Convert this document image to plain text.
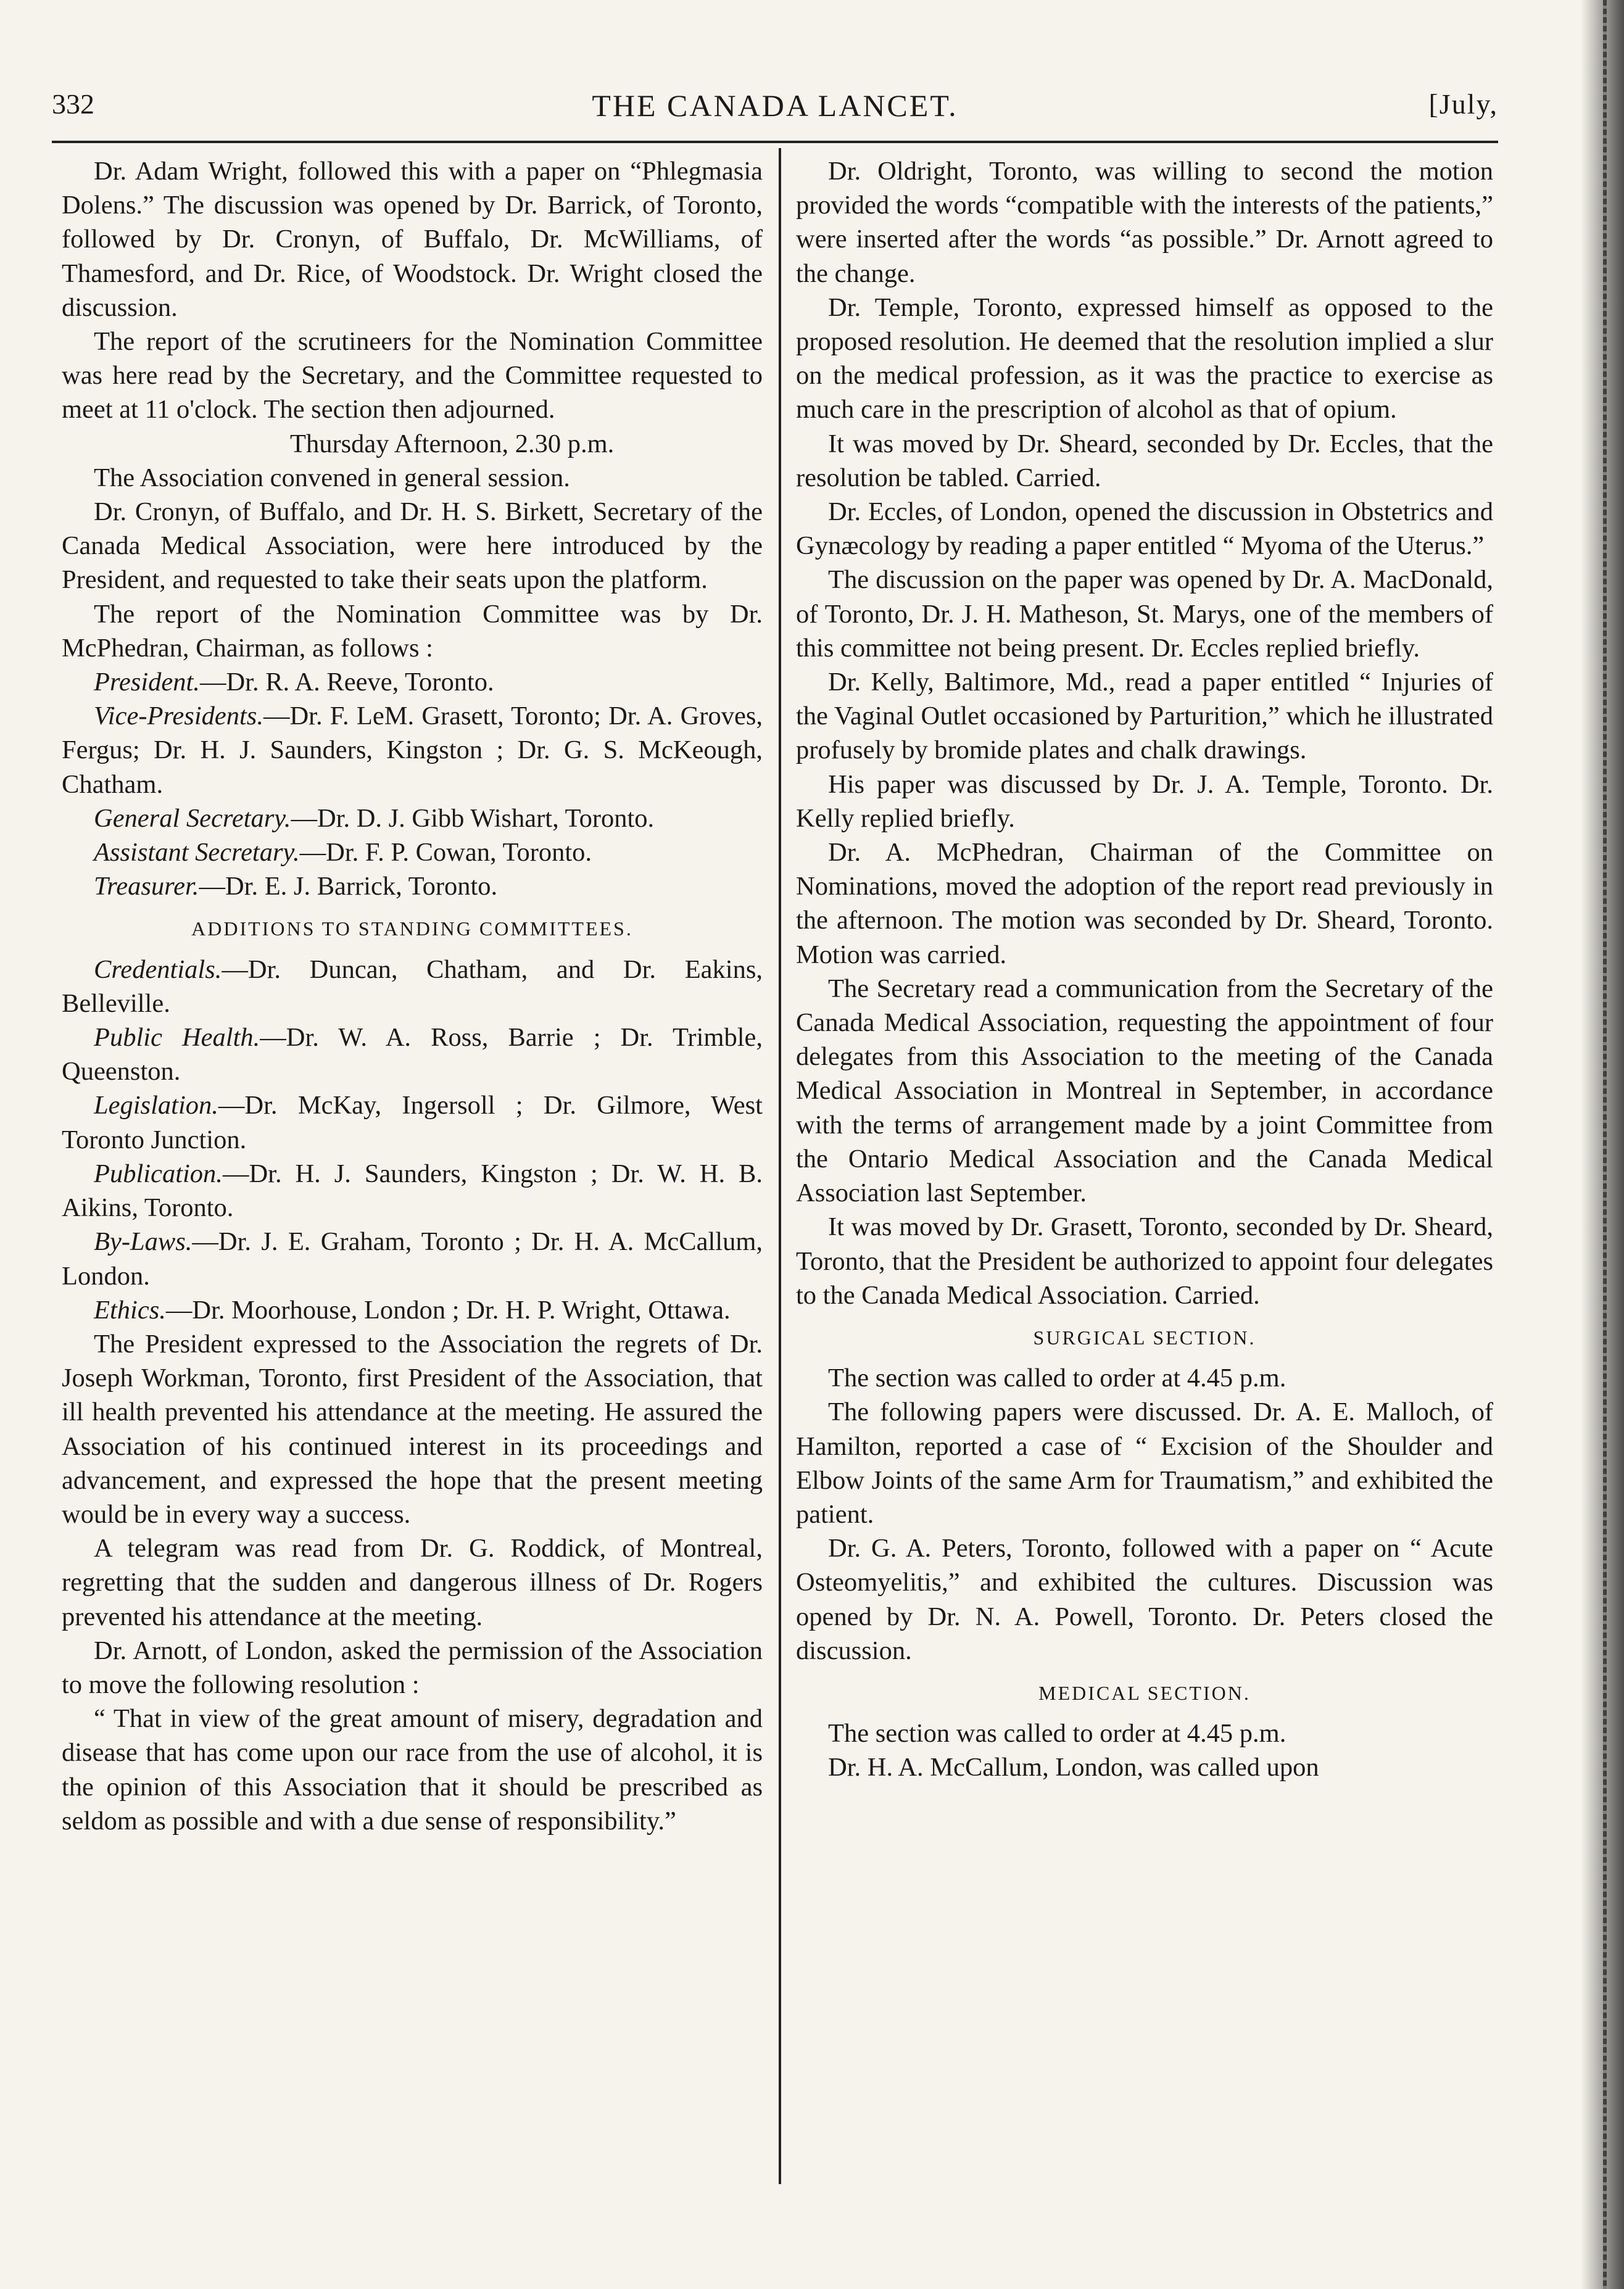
332	THE CANADA LANCET.	[July,

Dr. Adam Wright, followed this with a paper on “Phlegmasia Dolens.” The discussion was opened by Dr. Barrick, of Toronto, followed by Dr. Cronyn, of Buffalo, Dr. McWilliams, of Thamesford, and Dr. Rice, of Woodstock. Dr. Wright closed the discussion.

The report of the scrutineers for the Nomination Committee was here read by the Secretary, and the Committee requested to meet at 11 o'clock. The section then adjourned.

Thursday Afternoon, 2.30 p.m.

The Association convened in general session.

Dr. Cronyn, of Buffalo, and Dr. H. S. Birkett, Secretary of the Canada Medical Association, were here introduced by the President, and requested to take their seats upon the platform.

The report of the Nomination Committee was by Dr. McPhedran, Chairman, as follows :

President.—Dr. R. A. Reeve, Toronto.

Vice-Presidents.—Dr. F. LeM. Grasett, Toronto; Dr. A. Groves, Fergus; Dr. H. J. Saunders, Kingston ; Dr. G. S. McKeough, Chatham.

General Secretary.—Dr. D. J. Gibb Wishart, Toronto.

Assistant Secretary.—Dr. F. P. Cowan, Toronto.

Treasurer.—Dr. E. J. Barrick, Toronto.

ADDITIONS TO STANDING COMMITTEES.

Credentials.—Dr. Duncan, Chatham, and Dr. Eakins, Belleville.

Public Health.—Dr. W. A. Ross, Barrie ; Dr. Trimble, Queenston.

Legislation.—Dr. McKay, Ingersoll ; Dr. Gilmore, West Toronto Junction.

Publication.—Dr. H. J. Saunders, Kingston ; Dr. W. H. B. Aikins, Toronto.

By-Laws.—Dr. J. E. Graham, Toronto ; Dr. H. A. McCallum, London.

Ethics.—Dr. Moorhouse, London ; Dr. H. P. Wright, Ottawa.

The President expressed to the Association the regrets of Dr. Joseph Workman, Toronto, first President of the Association, that ill health prevented his attendance at the meeting. He assured the Association of his continued interest in its proceedings and advancement, and expressed the hope that the present meeting would be in every way a success.

A telegram was read from Dr. G. Roddick, of Montreal, regretting that the sudden and dangerous illness of Dr. Rogers prevented his attendance at the meeting.

Dr. Arnott, of London, asked the permission of the Association to move the following resolution :

“ That in view of the great amount of misery, degradation and disease that has come upon our race from the use of alcohol, it is the opinion of this Association that it should be prescribed as seldom as possible and with a due sense of responsibility.”

Dr. Oldright, Toronto, was willing to second the motion provided the words “compatible with the interests of the patients,” were inserted after the words “as possible.” Dr. Arnott agreed to the change.

Dr. Temple, Toronto, expressed himself as opposed to the proposed resolution. He deemed that the resolution implied a slur on the medical profession, as it was the practice to exercise as much care in the prescription of alcohol as that of opium.

It was moved by Dr. Sheard, seconded by Dr. Eccles, that the resolution be tabled. Carried.

Dr. Eccles, of London, opened the discussion in Obstetrics and Gynæcology by reading a paper entitled “ Myoma of the Uterus.”

The discussion on the paper was opened by Dr. A. MacDonald, of Toronto, Dr. J. H. Matheson, St. Marys, one of the members of this committee not being present. Dr. Eccles replied briefly.

Dr. Kelly, Baltimore, Md., read a paper entitled “ Injuries of the Vaginal Outlet occasioned by Parturition,” which he illustrated profusely by bromide plates and chalk drawings.

His paper was discussed by Dr. J. A. Temple, Toronto. Dr. Kelly replied briefly.

Dr. A. McPhedran, Chairman of the Committee on Nominations, moved the adoption of the report read previously in the afternoon. The motion was seconded by Dr. Sheard, Toronto. Motion was carried.

The Secretary read a communication from the Secretary of the Canada Medical Association, requesting the appointment of four delegates from this Association to the meeting of the Canada Medical Association in Montreal in September, in accordance with the terms of arrangement made by a joint Committee from the Ontario Medical Association and the Canada Medical Association last September.

It was moved by Dr. Grasett, Toronto, seconded by Dr. Sheard, Toronto, that the President be authorized to appoint four delegates to the Canada Medical Association. Carried.

SURGICAL SECTION.

The section was called to order at 4.45 p.m.

The following papers were discussed. Dr. A. E. Malloch, of Hamilton, reported a case of “ Excision of the Shoulder and Elbow Joints of the same Arm for Traumatism,” and exhibited the patient.

Dr. G. A. Peters, Toronto, followed with a paper on “ Acute Osteomyelitis,” and exhibited the cultures. Discussion was opened by Dr. N. A. Powell, Toronto. Dr. Peters closed the discussion.

MEDICAL SECTION.

The section was called to order at 4.45 p.m.

Dr. H. A. McCallum, London, was called upon
